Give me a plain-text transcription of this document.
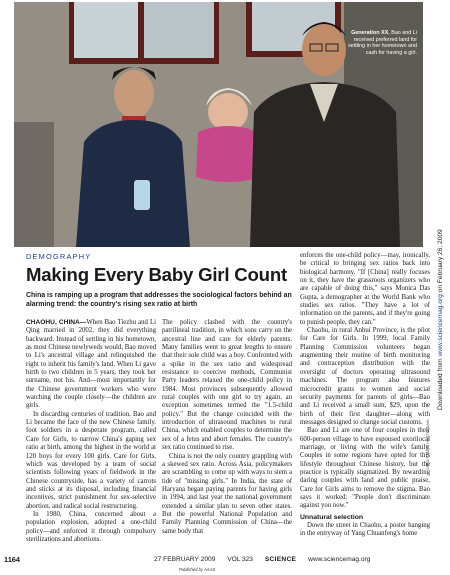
Generation XX. Bao and Li received preferred land for settling in her hometown and cash for having a girl.
Downloaded from www.sciencemag.org on February 26, 2009
CREDIT: MARA HVISTENDAHL
DEMOGRAPHY
Making Every Baby Girl Count
China is ramping up a program that addresses the sociological factors behind an alarming trend: the country's rising sex ratio at birth

CHAOHU, CHINA—When Bao Tiezhu and Li Qing married in 2002, they did everything backward. Instead of settling in his hometown, as most Chinese newlyweds would, Bao moved to Li's ancestral village and relinquished the right to inherit his family's land. When Li gave birth to two children in 5 years, they took her surname, not his. And—most importantly for the Chinese government workers who were watching the couple closely—the children are girls.

In discarding centuries of tradition, Bao and Li became the face of the new Chinese family. foot soldiers in a desperate program, called Care for Girls, to narrow China's gaping sex ratio at birth, among the highest in the world at 120 boys for every 100 girls. Care for Girls, which was developed by a team of social scientists following years of fieldwork in the Chinese countryside, has a variety of carrots and sticks at its disposal, including financial incentives, strict punishment for sex-selective abortion, and radical social restructuring.

In 1980, China, concerned about a population explosion, adopted a one-child policy—and enforced it through compulsory sterilizations and abortions.

The policy clashed with the country's patrilineal tradition, in which sons carry on the ancestral line and care for elderly parents. Many families went to great lengths to ensure that their sole child was a boy. Confronted with a spike in the sex ratio and widespread resistance to coercive methods, Communist Party leaders relaxed the one-child policy in 1984. Most provinces subsequently allowed rural couples with one girl to try again, an exception sometimes termed the "1.5-child policy." But the change coincided with the introduction of ultrasound machines to rural China, which enabled couples to determine the sex of a fetus and abort females. The country's sex ratio continued to rise.

China is not the only country grappling with a skewed sex ratio. Across Asia, policymakers are scrambling to come up with ways to stem a tide of "missing girls." In India, the state of Haryana began paying parents for having girls in 1994, and last year the national government extended a similar plan to seven other states. But the powerful National Population and Family Planning Commission of China—the same body that

enforces the one-child policy—may, ironically, be critical to bringing sex ratios back into biological harmony. "If [China] really focuses on it, they have the grassroots organizers who are capable of doing this," says Monica Das Gupta, a demographer at the World Bank who studies sex ratios. "They have a lot of information on the parents, and if they're going to punish people, they can."

Chaohu, in rural Anhui Province, is the pilot for Care for Girls. In 1999, local Family Planning Commission volunteers began augmenting their routine of birth monitoring and contraception distribution with the oversight of doctors operating ultrasound machines. The program also features microcredit grants to women and social security payments for parents of girls—Bao and Li received a small sum, $29, upon the birth of their first daughter—along with messages designed to change social customs.

Bao and Li are one of four couples in their 600-person village to have espoused uxorilocal marriage, or living with the wife's family. Couples in some regions have opted for this lifestyle throughout Chinese history, but the practice is typically stigmatized. By rewarding daring couples with land and public praise, Care for Girls aims to remove the stigma. Bao says it worked: "People don't discriminate against you now."

Unnatural selection

Down the street in Chaohu, a poster hanging in the entryway of Yang Chuanfeng's home

1164	27 FEBRUARY 2009 VOL 323 SCIENCE www.sciencemag.org
Published by AAAS
